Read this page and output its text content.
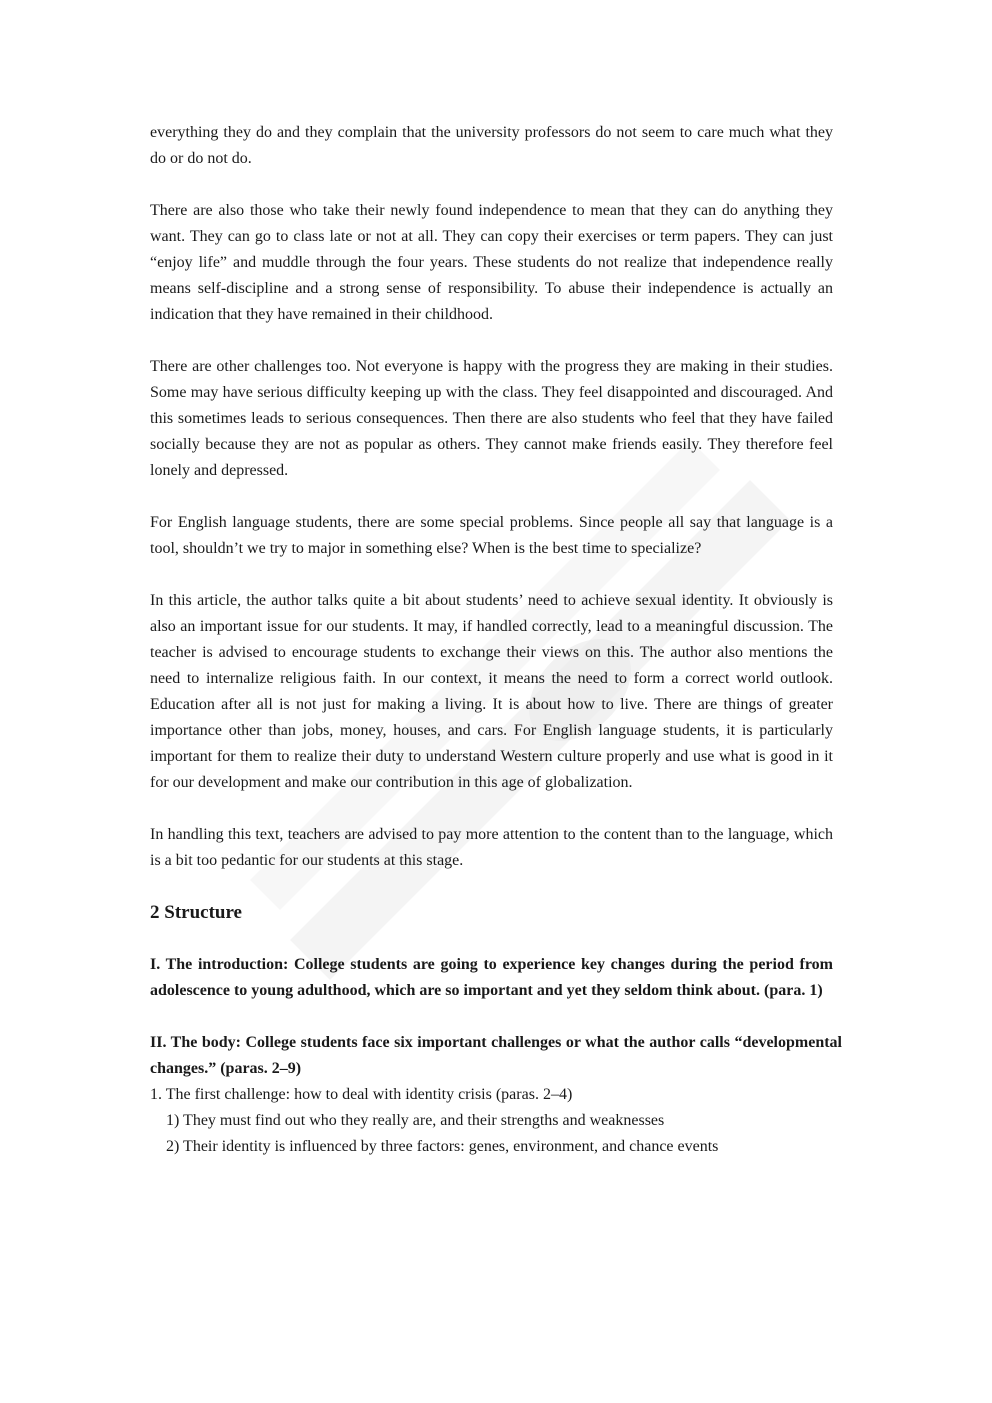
everything they do and they complain that the university professors do not seem to care much what they do or do not do.

There are also those who take their newly found independence to mean that they can do anything they want. They can go to class late or not at all. They can copy their exercises or term papers. They can just “enjoy life” and muddle through the four years. These students do not realize that independence really means self-discipline and a strong sense of responsibility. To abuse their independence is actually an indication that they have remained in their childhood.

There are other challenges too. Not everyone is happy with the progress they are making in their studies. Some may have serious difficulty keeping up with the class. They feel disappointed and discouraged. And this sometimes leads to serious consequences. Then there are also students who feel that they have failed socially because they are not as popular as others. They cannot make friends easily. They therefore feel lonely and depressed.

For English language students, there are some special problems. Since people all say that language is a tool, shouldn’t we try to major in something else? When is the best time to specialize?

In this article, the author talks quite a bit about students’ need to achieve sexual identity. It obviously is also an important issue for our students. It may, if handled correctly, lead to a meaningful discussion. The teacher is advised to encourage students to exchange their views on this. The author also mentions the need to internalize religious faith. In our context, it means the need to form a correct world outlook. Education after all is not just for making a living. It is about how to live. There are things of greater importance other than jobs, money, houses, and cars. For English language students, it is particularly important for them to realize their duty to understand Western culture properly and use what is good in it for our development and make our contribution in this age of globalization.

In handling this text, teachers are advised to pay more attention to the content than to the language, which is a bit too pedantic for our students at this stage.

2 Structure

I. The introduction: College students are going to experience key changes during the period from adolescence to young adulthood, which are so important and yet they seldom think about. (para. 1)

II. The body: College students face six important challenges or what the author calls “developmental changes.” (paras. 2–9)

1. The first challenge: how to deal with identity crisis (paras. 2–4)

1) They must find out who they really are, and their strengths and weaknesses

2) Their identity is influenced by three factors: genes, environment, and chance events
